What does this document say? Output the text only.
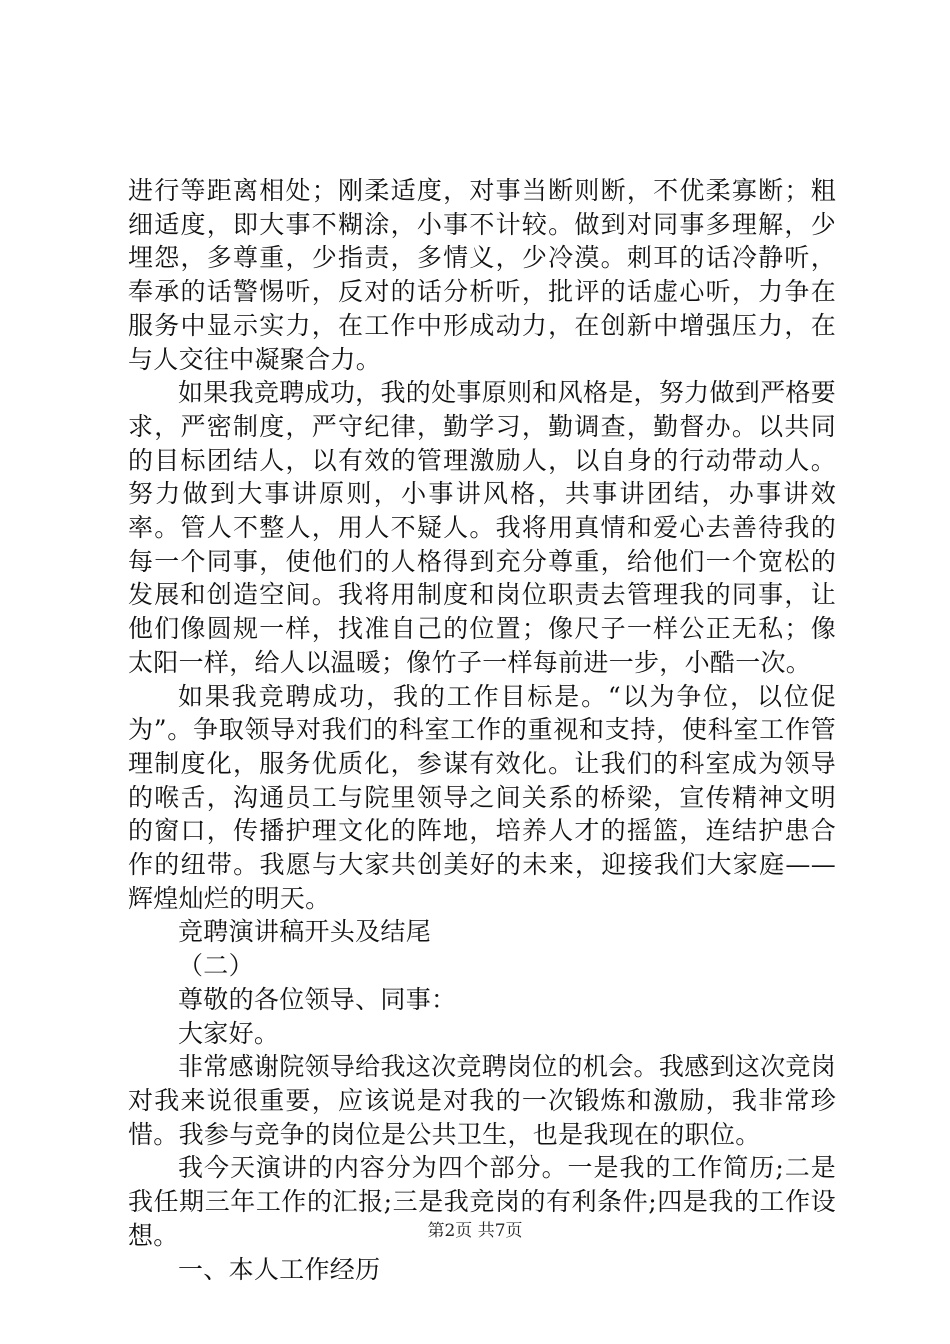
进行等距离相处；刚柔适度，对事当断则断，不优柔寡断；粗细适度，即大事不糊涂，小事不计较。做到对同事多理解，少埋怨，多尊重，少指责，多情义，少冷漠。刺耳的话冷静听，奉承的话警惕听，反对的话分析听，批评的话虚心听，力争在服务中显示实力，在工作中形成动力，在创新中增强压力，在与人交往中凝聚合力。

如果我竞聘成功，我的处事原则和风格是，努力做到严格要求，严密制度，严守纪律，勤学习，勤调查，勤督办。以共同的目标团结人，以有效的管理激励人，以自身的行动带动人。努力做到大事讲原则，小事讲风格，共事讲团结，办事讲效率。管人不整人，用人不疑人。我将用真情和爱心去善待我的每一个同事，使他们的人格得到充分尊重，给他们一个宽松的发展和创造空间。我将用制度和岗位职责去管理我的同事，让他们像圆规一样，找准自己的位置；像尺子一样公正无私；像太阳一样，给人以温暖；像竹子一样每前进一步，小酷一次。

如果我竞聘成功，我的工作目标是。“以为争位，以位促为”。争取领导对我们的科室工作的重视和支持，使科室工作管理制度化，服务优质化，参谋有效化。让我们的科室成为领导的喉舌，沟通员工与院里领导之间关系的桥梁，宣传精神文明的窗口，传播护理文化的阵地，培养人才的摇篮，连结护患合作的纽带。我愿与大家共创美好的未来，迎接我们大家庭——辉煌灿烂的明天。

竞聘演讲稿开头及结尾

（二）

尊敬的各位领导、同事：

大家好。

非常感谢院领导给我这次竞聘岗位的机会。我感到这次竞岗对我来说很重要，应该说是对我的一次锻炼和激励，我非常珍惜。我参与竞争的岗位是公共卫生，也是我现在的职位。

我今天演讲的内容分为四个部分。一是我的工作简历;二是我任期三年工作的汇报;三是我竞岗的有利条件;四是我的工作设想。

一、本人工作经历

第2页 共7页
